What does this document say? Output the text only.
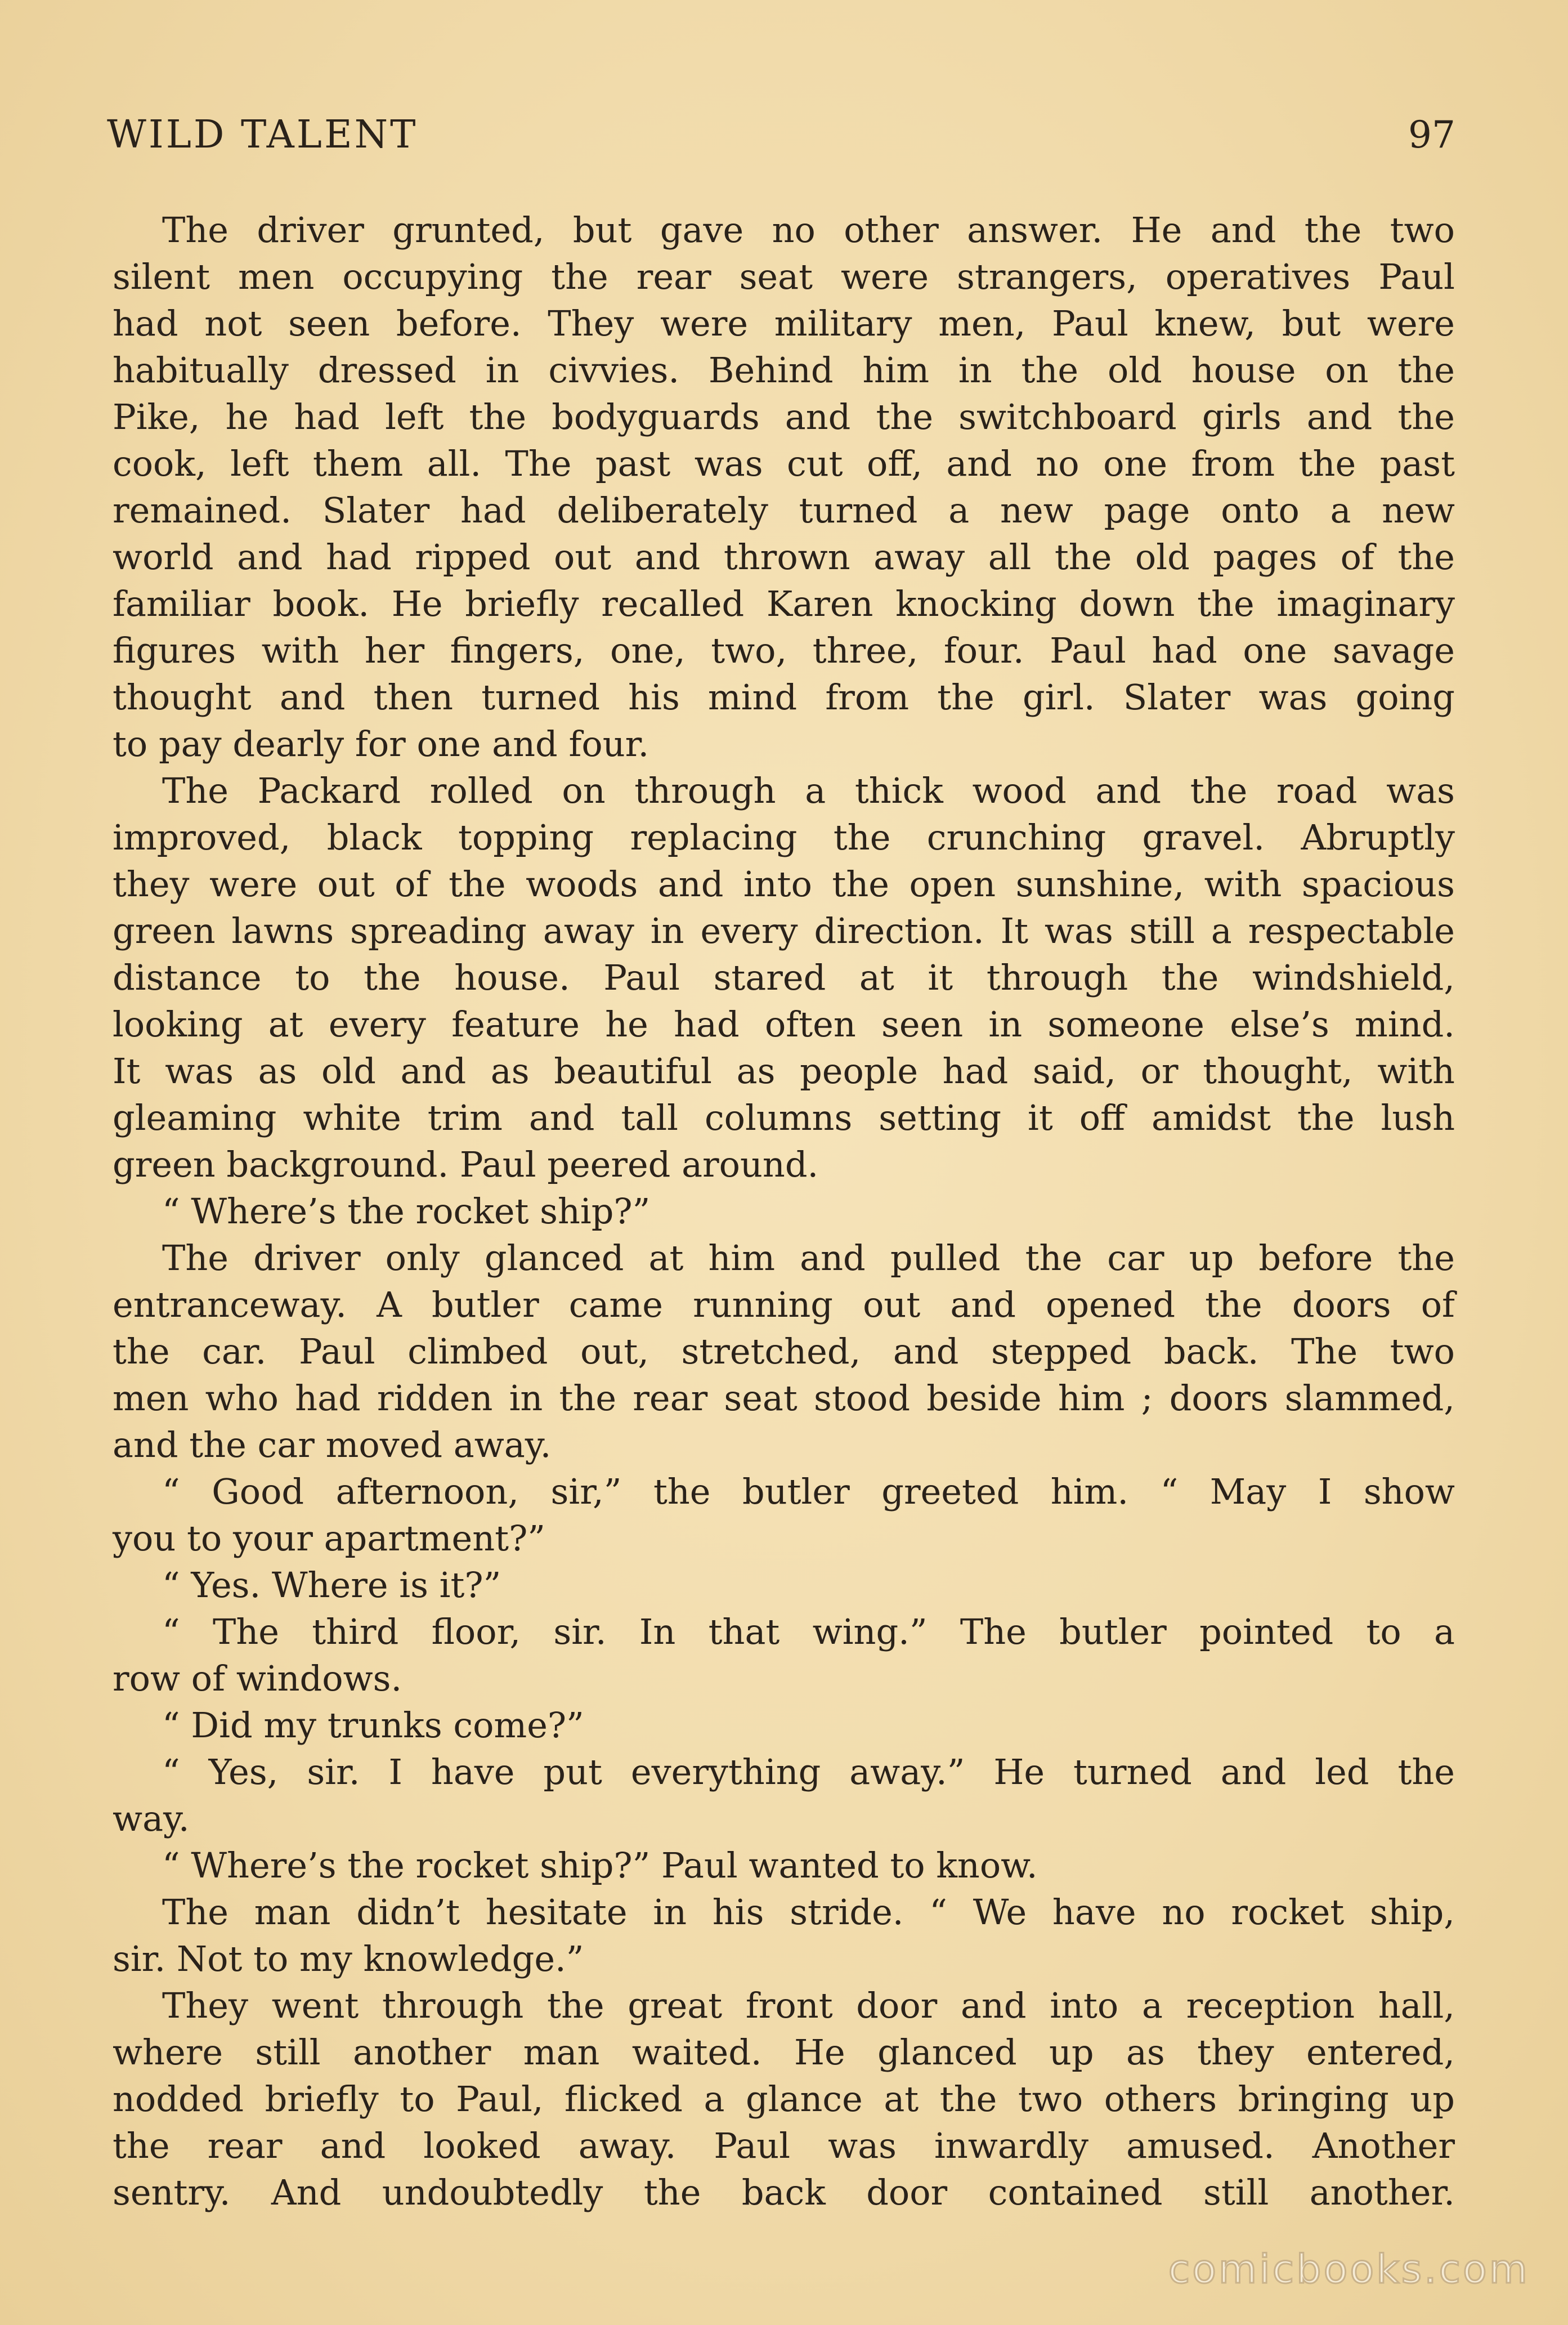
WILD TALENT	97
The driver grunted, but gave no other answer. He and the two
silent men occupying the rear seat were strangers, operatives Paul
had not seen before. They were military men, Paul knew, but were
habitually dressed in civvies. Behind him in the old house on the
Pike, he had left the bodyguards and the switchboard girls and the
cook, left them all. The past was cut off, and no one from the past
remained. Slater had deliberately turned a new page onto a new
world and had ripped out and thrown away all the old pages of the
familiar book. He briefly recalled Karen knocking down the imaginary
figures with her fingers, one, two, three, four. Paul had one savage
thought and then turned his mind from the girl. Slater was going
to pay dearly for one and four.
The Packard rolled on through a thick wood and the road was
improved, black topping replacing the crunching gravel. Abruptly
they were out of the woods and into the open sunshine, with spacious
green lawns spreading away in every direction. It was still a respectable
distance to the house. Paul stared at it through the windshield,
looking at every feature he had often seen in someone else’s mind.
It was as old and as beautiful as people had said, or thought, with
gleaming white trim and tall columns setting it off amidst the lush
green background. Paul peered around.
“ Where’s the rocket ship?”
The driver only glanced at him and pulled the car up before the
entranceway. A butler came running out and opened the doors of
the car. Paul climbed out, stretched, and stepped back. The two
men who had ridden in the rear seat stood beside him ; doors slammed,
and the car moved away.
“ Good afternoon, sir,” the butler greeted him. “ May I show
you to your apartment?”
“ Yes. Where is it?”
“ The third floor, sir. In that wing.” The butler pointed to a
row of windows.
“ Did my trunks come?”
“ Yes, sir. I have put everything away.” He turned and led the
way.
“ Where’s the rocket ship?” Paul wanted to know.
The man didn’t hesitate in his stride. “ We have no rocket ship,
sir. Not to my knowledge.”
They went through the great front door and into a reception hall,
where still another man waited. He glanced up as they entered,
nodded briefly to Paul, flicked a glance at the two others bringing up
the rear and looked away. Paul was inwardly amused. Another
sentry. And undoubtedly the back door contained still another.
comicbooks.com
